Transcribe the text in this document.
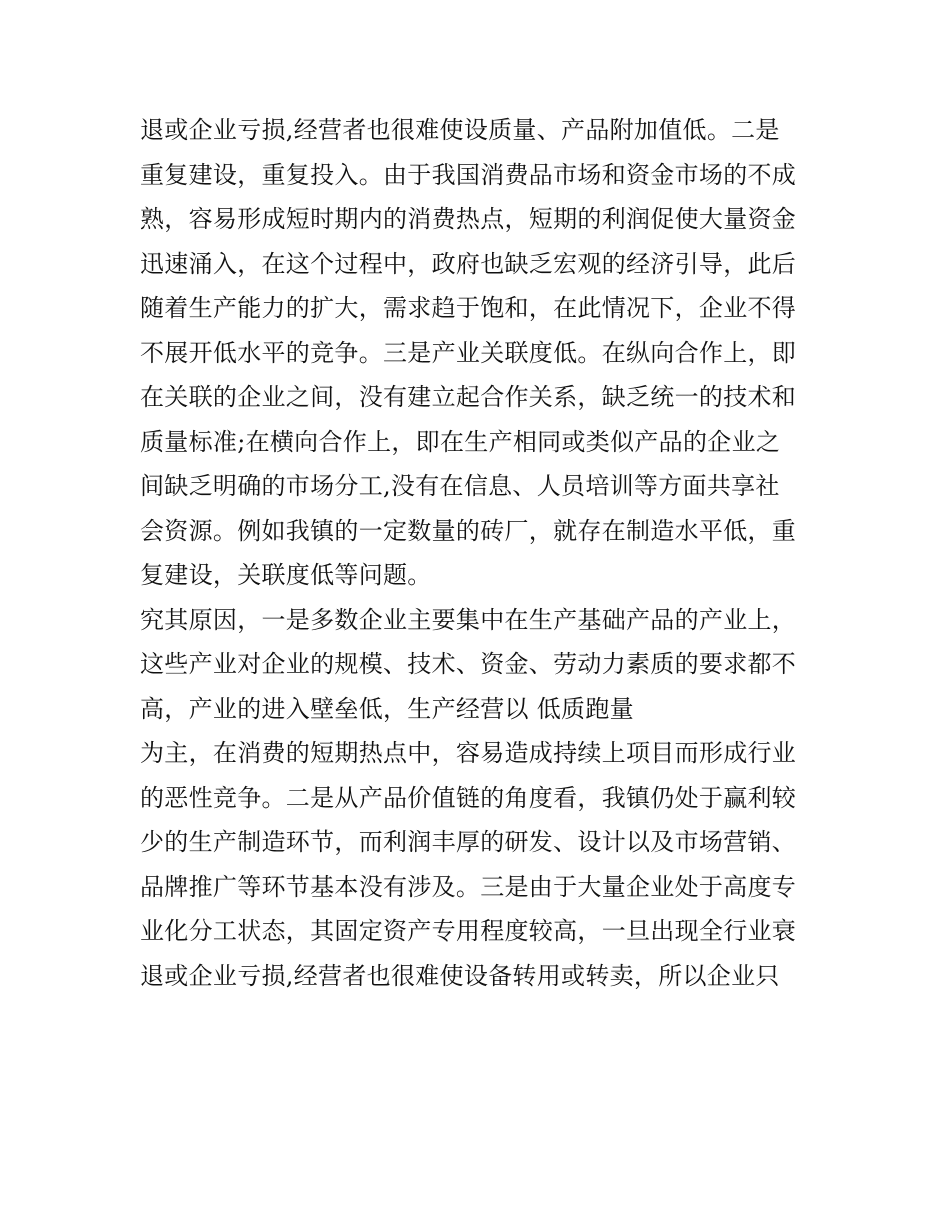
退或企业亏损,经营者也很难使设质量、产品附加值低。二是
重复建设，重复投入。由于我国消费品市场和资金市场的不成
熟，容易形成短时期内的消费热点，短期的利润促使大量资金
迅速涌入，在这个过程中，政府也缺乏宏观的经济引导，此后
随着生产能力的扩大，需求趋于饱和，在此情况下，企业不得
不展开低水平的竞争。三是产业关联度低。在纵向合作上，即
在关联的企业之间，没有建立起合作关系，缺乏统一的技术和
质量标准;在横向合作上，即在生产相同或类似产品的企业之
间缺乏明确的市场分工,没有在信息、人员培训等方面共享社
会资源。例如我镇的一定数量的砖厂，就存在制造水平低，重
复建设，关联度低等问题。
究其原因，一是多数企业主要集中在生产基础产品的产业上，
这些产业对企业的规模、技术、资金、劳动力素质的要求都不
高，产业的进入壁垒低，生产经营以 低质跑量
为主，在消费的短期热点中，容易造成持续上项目而形成行业
的恶性竞争。二是从产品价值链的角度看，我镇仍处于赢利较
少的生产制造环节，而利润丰厚的研发、设计以及市场营销、
品牌推广等环节基本没有涉及。三是由于大量企业处于高度专
业化分工状态，其固定资产专用程度较高，一旦出现全行业衰
退或企业亏损,经营者也很难使设备转用或转卖，所以企业只
